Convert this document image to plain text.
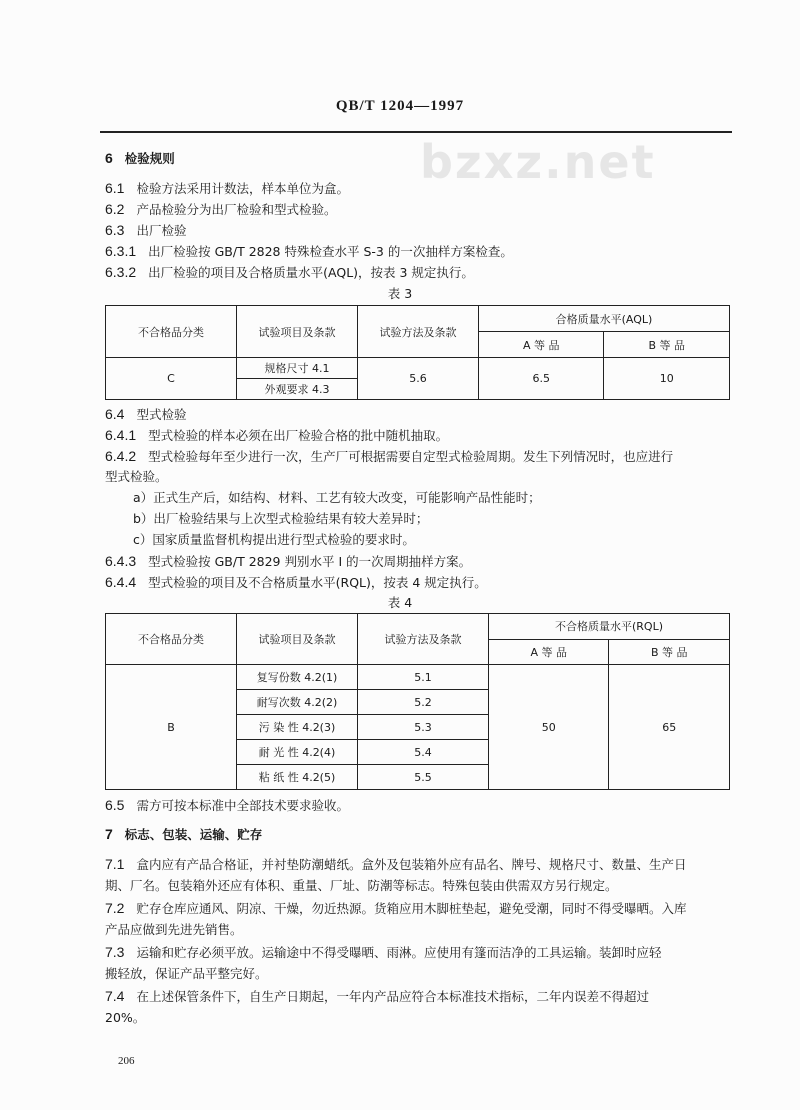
bzxz.net
QB/T 1204—1997
6 检验规则
6.1 检验方法采用计数法，样本单位为盒。
6.2 产品检验分为出厂检验和型式检验。
6.3 出厂检验
6.3.1 出厂检验按 GB/T 2828 特殊检查水平 S-3 的一次抽样方案检查。
6.3.2 出厂检验的项目及合格质量水平(AQL)，按表 3 规定执行。
表 3
不合格品分类	试验项目及条款	试验方法及条款	合格质量水平(AQL)	
			A 等 品	B 等 品
C	规格尺寸 4.1	5.6	6.5	10
	外观要求 4.3			
6.4 型式检验
6.4.1 型式检验的样本必须在出厂检验合格的批中随机抽取。
6.4.2 型式检验每年至少进行一次，生产厂可根据需要自定型式检验周期。发生下列情况时，也应进行
型式检验。
a）正式生产后，如结构、材料、工艺有较大改变，可能影响产品性能时；
b）出厂检验结果与上次型式检验结果有较大差异时；
c）国家质量监督机构提出进行型式检验的要求时。
6.4.3 型式检验按 GB/T 2829 判别水平 Ⅰ 的一次周期抽样方案。
6.4.4 型式检验的项目及不合格质量水平(RQL)，按表 4 规定执行。
表 4
不合格品分类	试验项目及条款	试验方法及条款	不合格质量水平(RQL)	
			A 等 品	B 等 品
B	复写份数 4.2(1)	5.1	50	65
	耐写次数 4.2(2)	5.2		
	污 染 性 4.2(3)	5.3		
	耐 光 性 4.2(4)	5.4		
	粘 纸 性 4.2(5)	5.5		
6.5 需方可按本标准中全部技术要求验收。
7 标志、包装、运输、贮存
7.1 盒内应有产品合格证，并衬垫防潮蜡纸。盒外及包装箱外应有品名、牌号、规格尺寸、数量、生产日
期、厂名。包装箱外还应有体积、重量、厂址、防潮等标志。特殊包装由供需双方另行规定。
7.2 贮存仓库应通风、阴凉、干燥，勿近热源。货箱应用木脚桩垫起，避免受潮，同时不得受曝晒。入库
产品应做到先进先销售。
7.3 运输和贮存必须平放。运输途中不得受曝晒、雨淋。应使用有篷而洁净的工具运输。装卸时应轻
搬轻放，保证产品平整完好。
7.4 在上述保管条件下，自生产日期起，一年内产品应符合本标准技术指标，二年内误差不得超过
20%。
206
